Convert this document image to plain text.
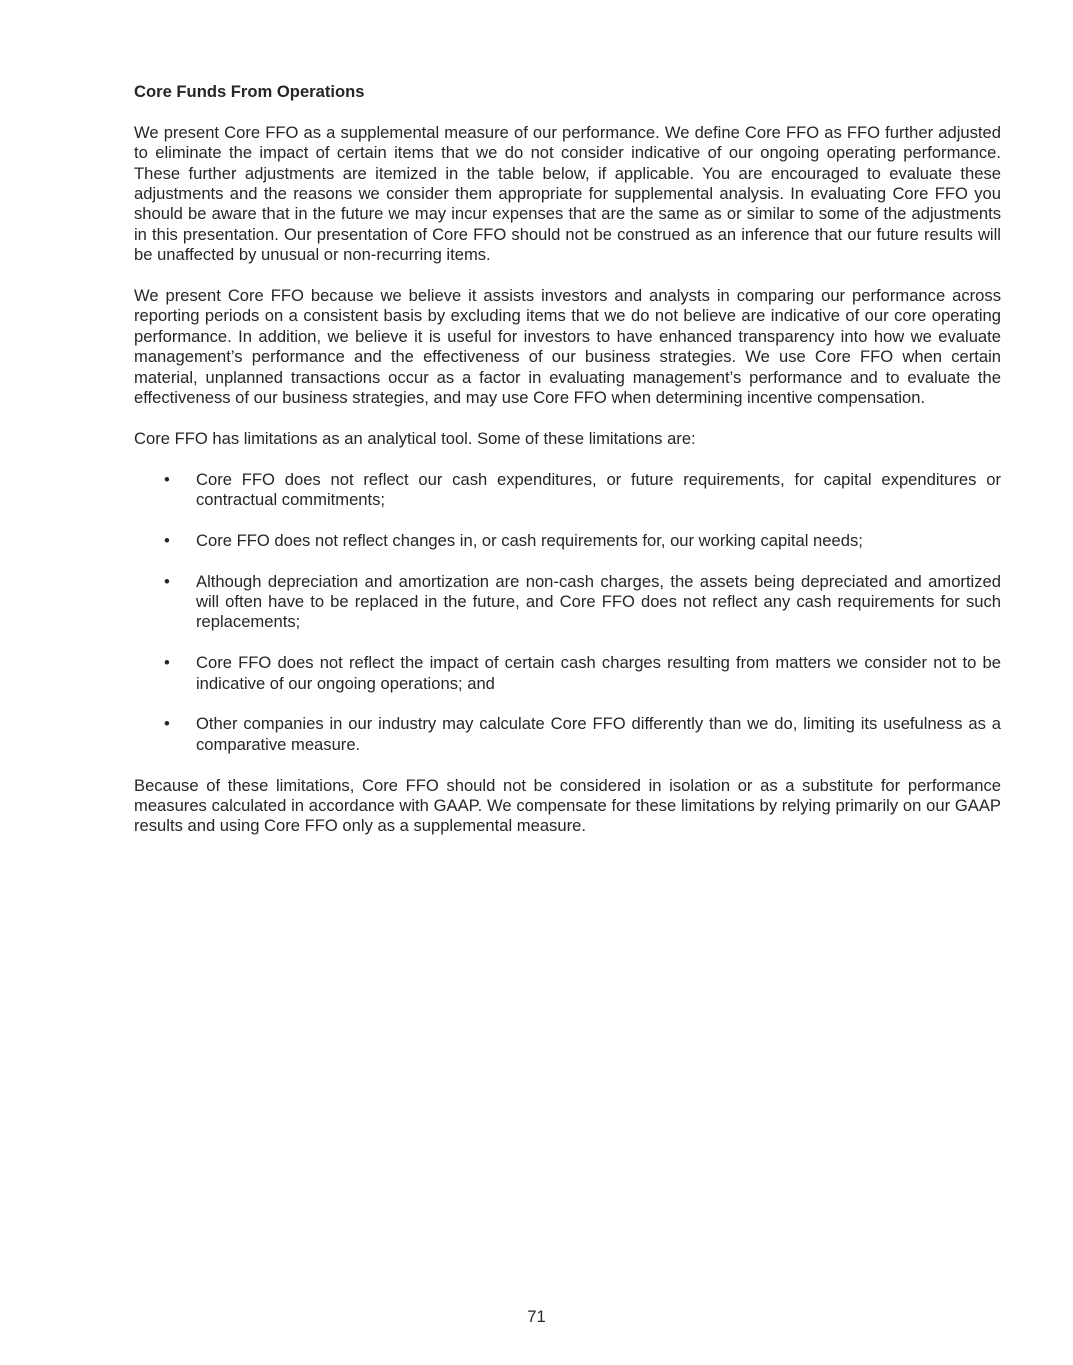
Core Funds From Operations

We present Core FFO as a supplemental measure of our performance. We define Core FFO as FFO further adjusted to eliminate the impact of certain items that we do not consider indicative of our ongoing operating performance. These further adjustments are itemized in the table below, if applicable. You are encouraged to evaluate these adjustments and the reasons we consider them appropriate for supplemental analysis. In evaluating Core FFO you should be aware that in the future we may incur expenses that are the same as or similar to some of the adjustments in this presentation. Our presentation of Core FFO should not be construed as an inference that our future results will be unaffected by unusual or non-recurring items.

We present Core FFO because we believe it assists investors and analysts in comparing our performance across reporting periods on a consistent basis by excluding items that we do not believe are indicative of our core operating performance. In addition, we believe it is useful for investors to have enhanced transparency into how we evaluate management’s performance and the effectiveness of our business strategies. We use Core FFO when certain material, unplanned transactions occur as a factor in evaluating management’s performance and to evaluate the effectiveness of our business strategies, and may use Core FFO when determining incentive compensation.

Core FFO has limitations as an analytical tool. Some of these limitations are:

• Core FFO does not reflect our cash expenditures, or future requirements, for capital expenditures or contractual commitments;
• Core FFO does not reflect changes in, or cash requirements for, our working capital needs;
• Although depreciation and amortization are non-cash charges, the assets being depreciated and amortized will often have to be replaced in the future, and Core FFO does not reflect any cash requirements for such replacements;
• Core FFO does not reflect the impact of certain cash charges resulting from matters we consider not to be indicative of our ongoing operations; and
• Other companies in our industry may calculate Core FFO differently than we do, limiting its usefulness as a comparative measure.

Because of these limitations, Core FFO should not be considered in isolation or as a substitute for performance measures calculated in accordance with GAAP. We compensate for these limitations by relying primarily on our GAAP results and using Core FFO only as a supplemental measure.

71
